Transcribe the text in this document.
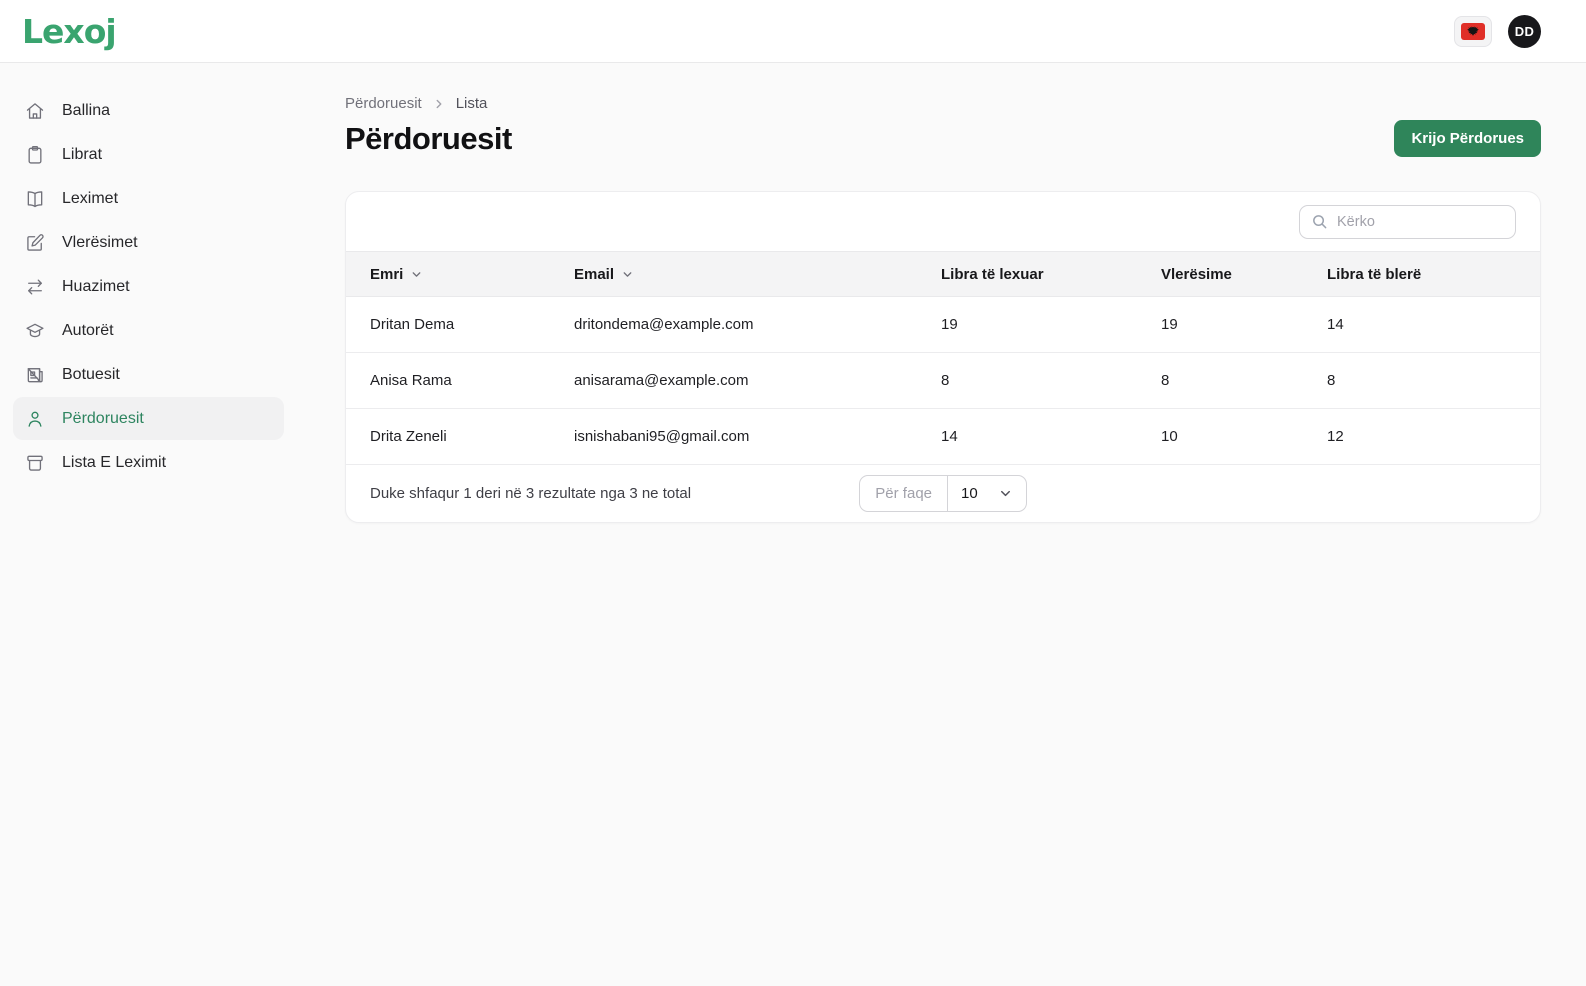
Lexoj	DD
Ballina
Librat
Leximet
Vlerësimet
Huazimet
Autorët
Botuesit
Përdoruesit
Lista E Leximit
Përdoruesit Lista
Përdoruesit	Krijo Përdorues
Kërko
Emri	Email	Libra të lexuar	Vlerësime	Libra të blerë
Dritan Dema	dritondema@example.com	19	19	14
Anisa Rama	anisarama@example.com	8	8	8
Drita Zeneli	isnishabani95@gmail.com	14	10	12
Duke shfaqur 1 deri në 3 rezultate nga 3 ne total	Për faqe	10
